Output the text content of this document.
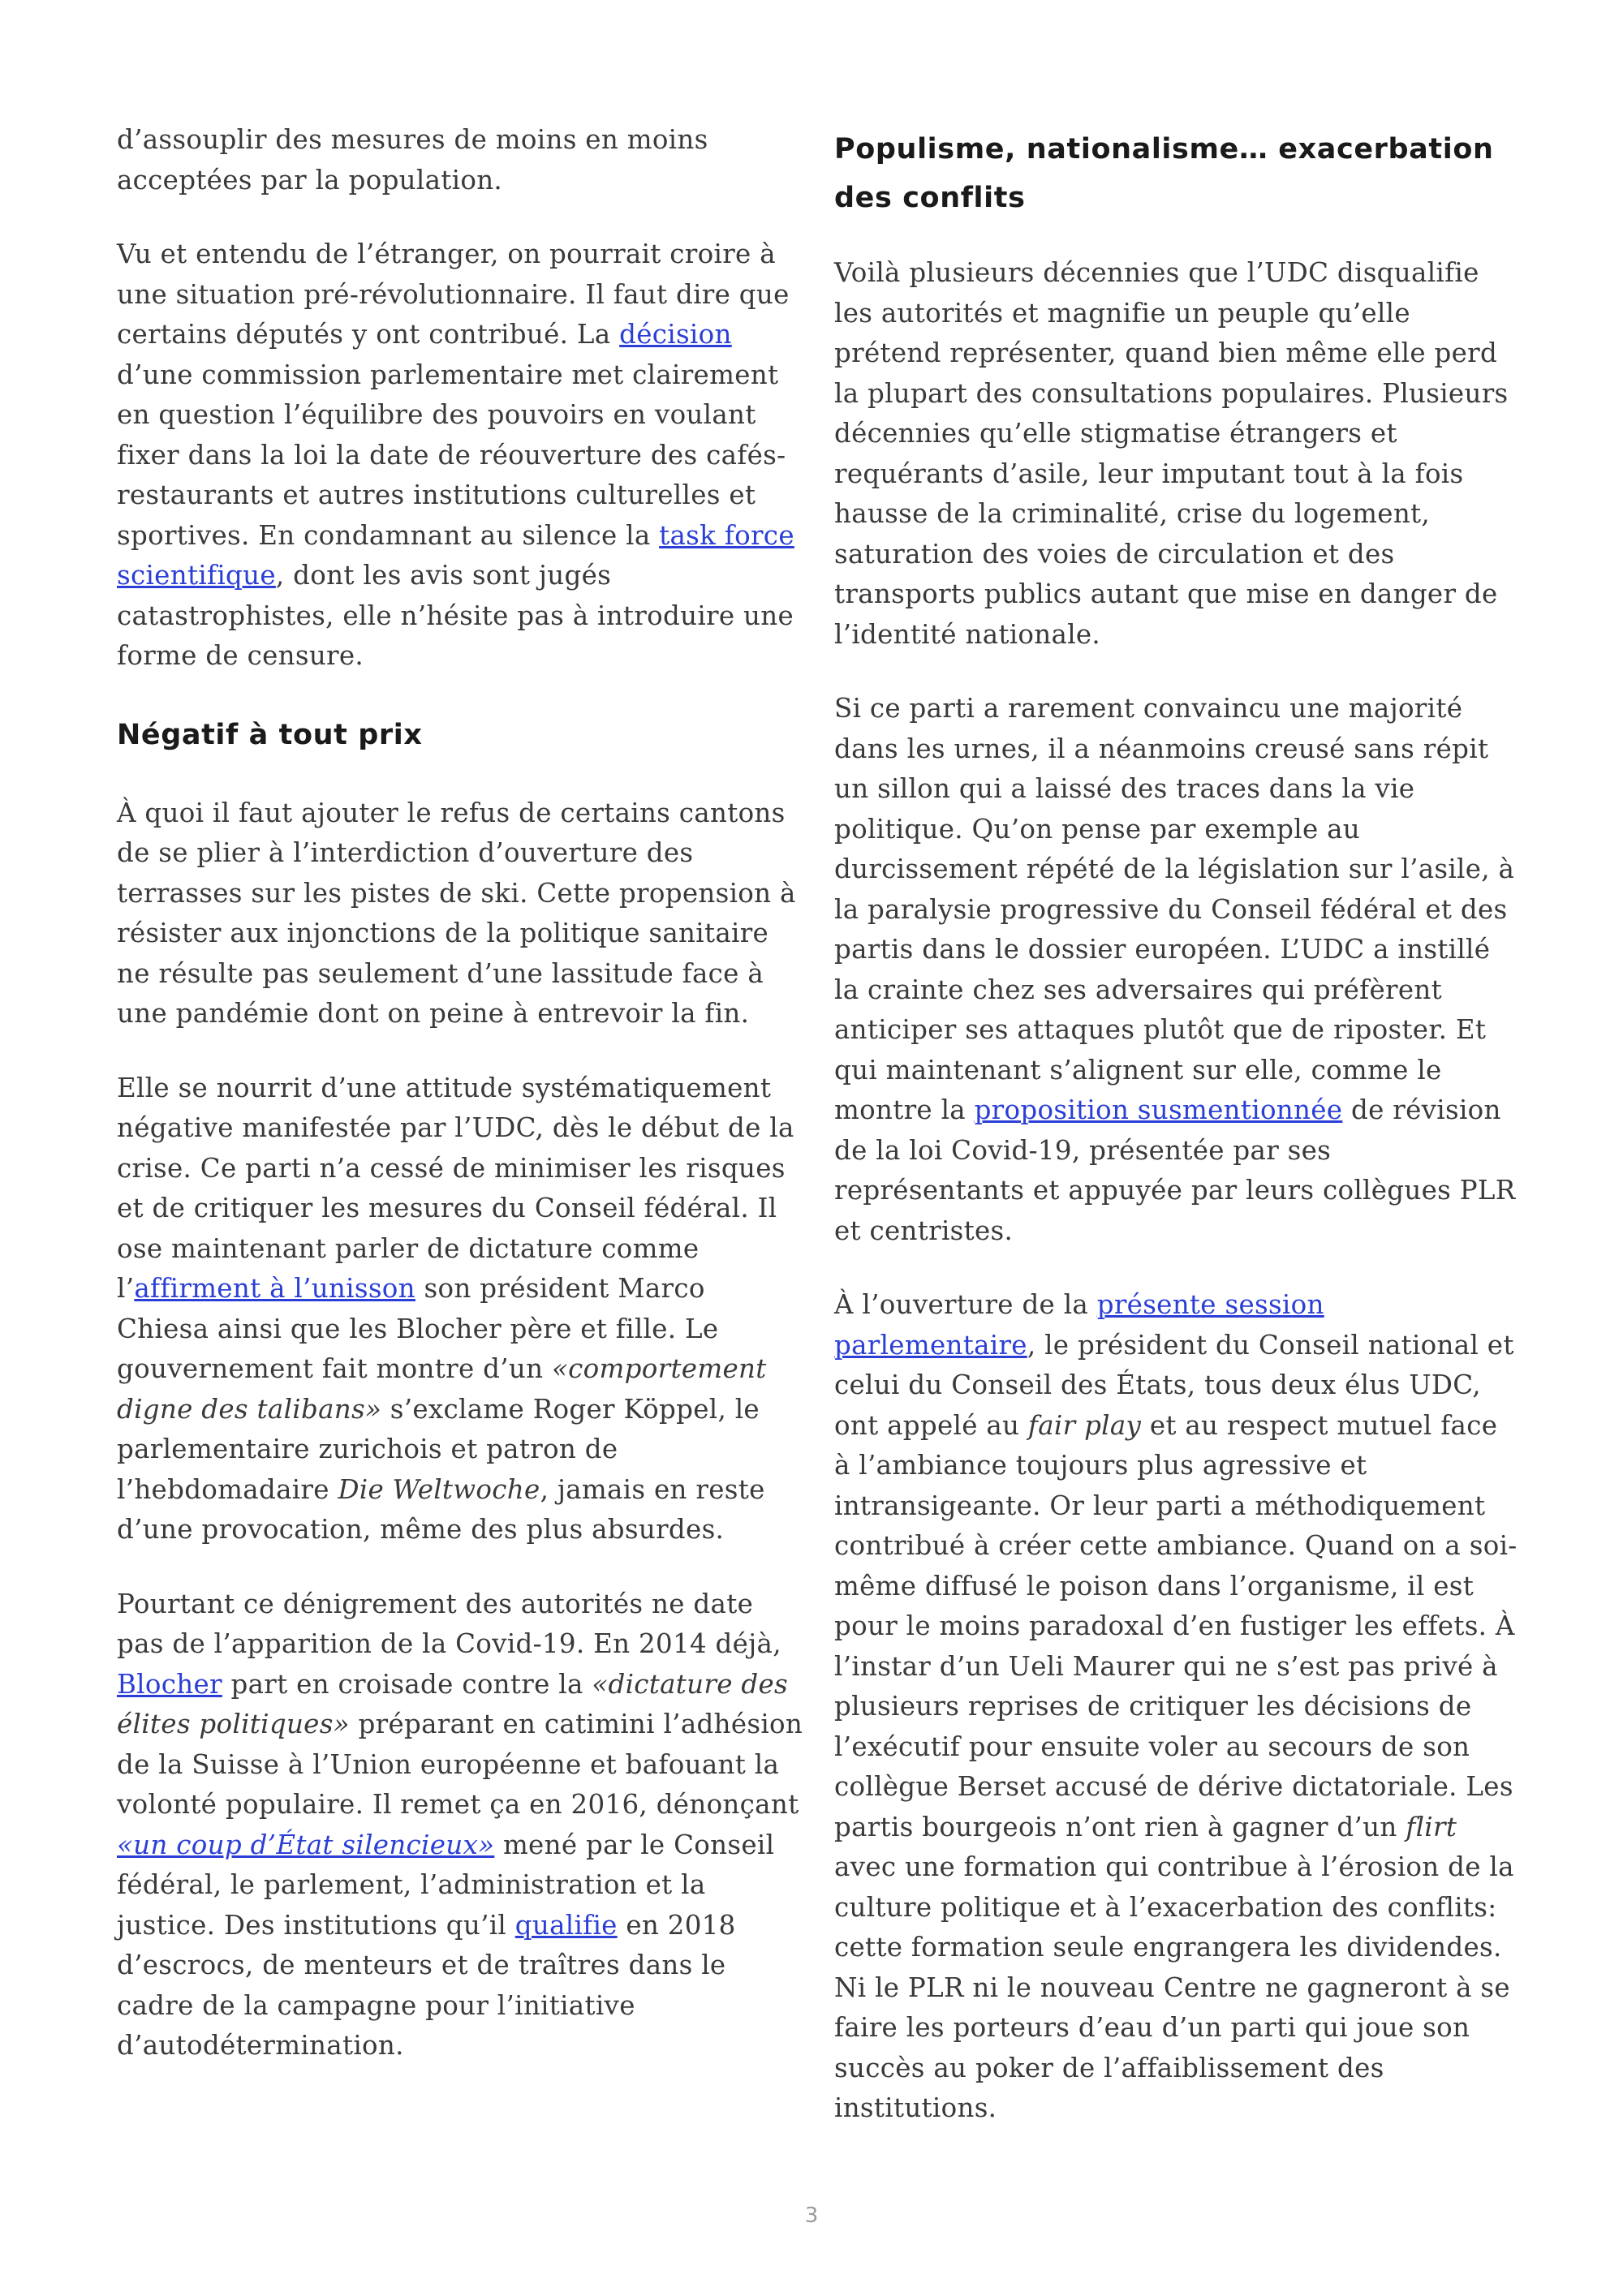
d’assouplir des mesures de moins en moins acceptées par la population.

Vu et entendu de l’étranger, on pourrait croire à une situation pré-révolutionnaire. Il faut dire que certains députés y ont contribué. La décision d’une commission parlementaire met clairement en question l’équilibre des pouvoirs en voulant fixer dans la loi la date de réouverture des cafés-restaurants et autres institutions culturelles et sportives. En condamnant au silence la task force scientifique, dont les avis sont jugés catastrophistes, elle n’hésite pas à introduire une forme de censure.

Négatif à tout prix

À quoi il faut ajouter le refus de certains cantons de se plier à l’interdiction d’ouverture des terrasses sur les pistes de ski. Cette propension à résister aux injonctions de la politique sanitaire ne résulte pas seulement d’une lassitude face à une pandémie dont on peine à entrevoir la fin.

Elle se nourrit d’une attitude systématiquement négative manifestée par l’UDC, dès le début de la crise. Ce parti n’a cessé de minimiser les risques et de critiquer les mesures du Conseil fédéral. Il ose maintenant parler de dictature comme l’affirment à l’unisson son président Marco Chiesa ainsi que les Blocher père et fille. Le gouvernement fait montre d’un «comportement digne des talibans» s’exclame Roger Köppel, le parlementaire zurichois et patron de l’hebdomadaire Die Weltwoche, jamais en reste d’une provocation, même des plus absurdes.

Pourtant ce dénigrement des autorités ne date pas de l’apparition de la Covid-19. En 2014 déjà, Blocher part en croisade contre la «dictature des élites politiques» préparant en catimini l’adhésion de la Suisse à l’Union européenne et bafouant la volonté populaire. Il remet ça en 2016, dénonçant «un coup d’État silencieux» mené par le Conseil fédéral, le parlement, l’administration et la justice. Des institutions qu’il qualifie en 2018 d’escrocs, de menteurs et de traîtres dans le cadre de la campagne pour l’initiative d’autodétermination.

Populisme, nationalisme… exacerbation des conflits

Voilà plusieurs décennies que l’UDC disqualifie les autorités et magnifie un peuple qu’elle prétend représenter, quand bien même elle perd la plupart des consultations populaires. Plusieurs décennies qu’elle stigmatise étrangers et requérants d’asile, leur imputant tout à la fois hausse de la criminalité, crise du logement, saturation des voies de circulation et des transports publics autant que mise en danger de l’identité nationale.

Si ce parti a rarement convaincu une majorité dans les urnes, il a néanmoins creusé sans répit un sillon qui a laissé des traces dans la vie politique. Qu’on pense par exemple au durcissement répété de la législation sur l’asile, à la paralysie progressive du Conseil fédéral et des partis dans le dossier européen. L’UDC a instillé la crainte chez ses adversaires qui préfèrent anticiper ses attaques plutôt que de riposter. Et qui maintenant s’alignent sur elle, comme le montre la proposition susmentionnée de révision de la loi Covid-19, présentée par ses représentants et appuyée par leurs collègues PLR et centristes.

À l’ouverture de la présente session parlementaire, le président du Conseil national et celui du Conseil des États, tous deux élus UDC, ont appelé au fair play et au respect mutuel face à l’ambiance toujours plus agressive et intransigeante. Or leur parti a méthodiquement contribué à créer cette ambiance. Quand on a soi-même diffusé le poison dans l’organisme, il est pour le moins paradoxal d’en fustiger les effets. À l’instar d’un Ueli Maurer qui ne s’est pas privé à plusieurs reprises de critiquer les décisions de l’exécutif pour ensuite voler au secours de son collègue Berset accusé de dérive dictatoriale. Les partis bourgeois n’ont rien à gagner d’un flirt avec une formation qui contribue à l’érosion de la culture politique et à l’exacerbation des conflits: cette formation seule engrangera les dividendes. Ni le PLR ni le nouveau Centre ne gagneront à se faire les porteurs d’eau d’un parti qui joue son succès au poker de l’affaiblissement des institutions.

3
